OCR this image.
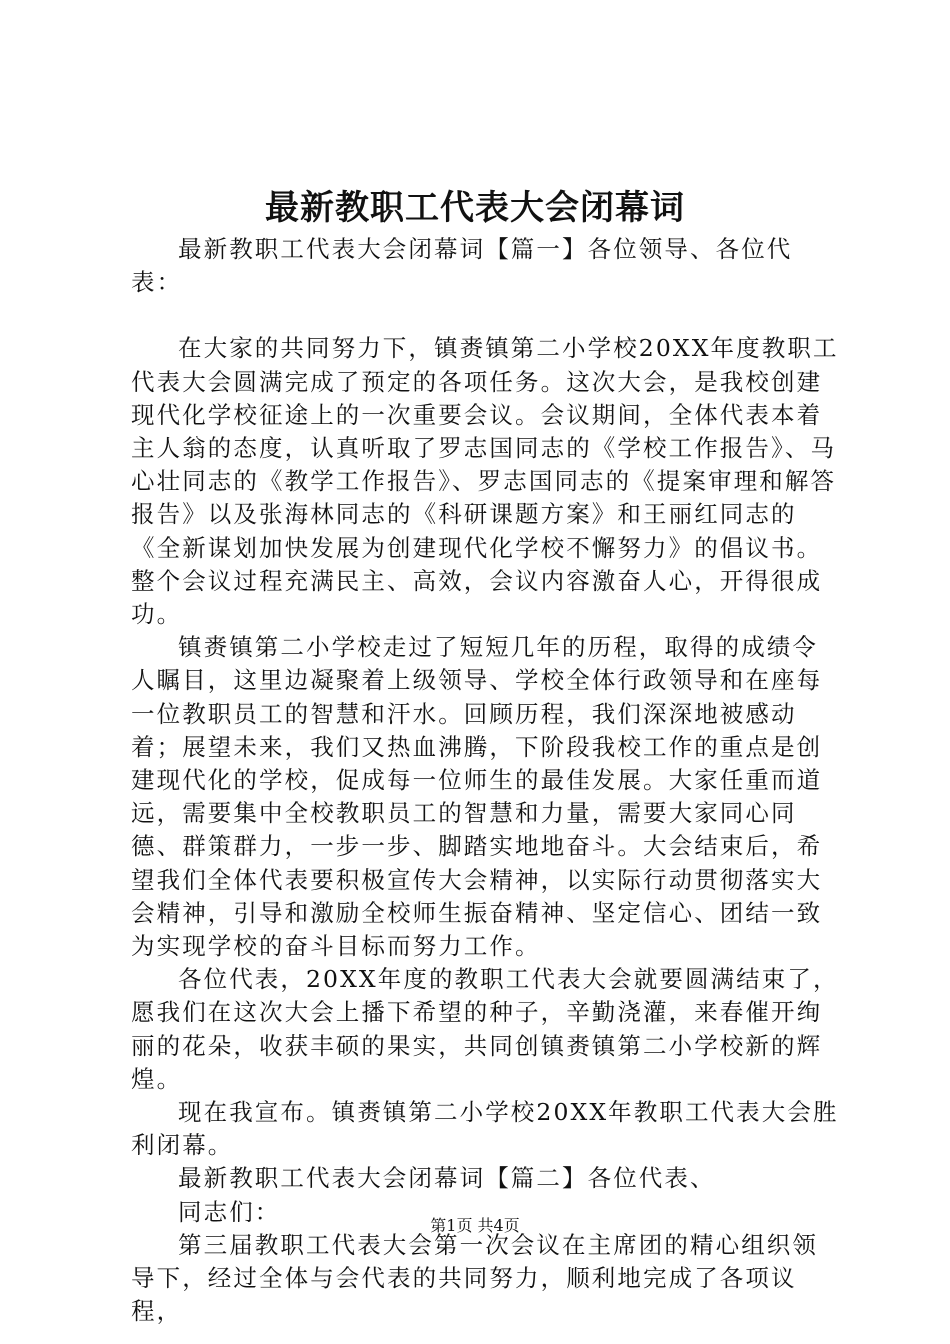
最新教职工代表大会闭幕词

最新教职工代表大会闭幕词【篇一】各位领导、各位代表：

在大家的共同努力下，镇赉镇第二小学校20XX年度教职工代表大会圆满完成了预定的各项任务。这次大会，是我校创建现代化学校征途上的一次重要会议。会议期间，全体代表本着主人翁的态度，认真听取了罗志国同志的《学校工作报告》、马心壮同志的《教学工作报告》、罗志国同志的《提案审理和解答报告》以及张海林同志的《科研课题方案》和王丽红同志的《全新谋划加快发展为创建现代化学校不懈努力》的倡议书。整个会议过程充满民主、高效，会议内容激奋人心，开得很成功。

镇赉镇第二小学校走过了短短几年的历程，取得的成绩令人瞩目，这里边凝聚着上级领导、学校全体行政领导和在座每一位教职员工的智慧和汗水。回顾历程，我们深深地被感动着；展望未来，我们又热血沸腾，下阶段我校工作的重点是创建现代化的学校，促成每一位师生的最佳发展。大家任重而道远，需要集中全校教职员工的智慧和力量，需要大家同心同德、群策群力，一步一步、脚踏实地地奋斗。大会结束后，希望我们全体代表要积极宣传大会精神，以实际行动贯彻落实大会精神，引导和激励全校师生振奋精神、坚定信心、团结一致为实现学校的奋斗目标而努力工作。

各位代表，20XX年度的教职工代表大会就要圆满结束了，愿我们在这次大会上播下希望的种子，辛勤浇灌，来春催开绚丽的花朵，收获丰硕的果实，共同创镇赉镇第二小学校新的辉煌。

现在我宣布。镇赉镇第二小学校20XX年教职工代表大会胜利闭幕。

最新教职工代表大会闭幕词【篇二】各位代表、

同志们：

第三届教职工代表大会第一次会议在主席团的精心组织领导下，经过全体与会代表的共同努力，顺利地完成了各项议程，

第1页 共4页
